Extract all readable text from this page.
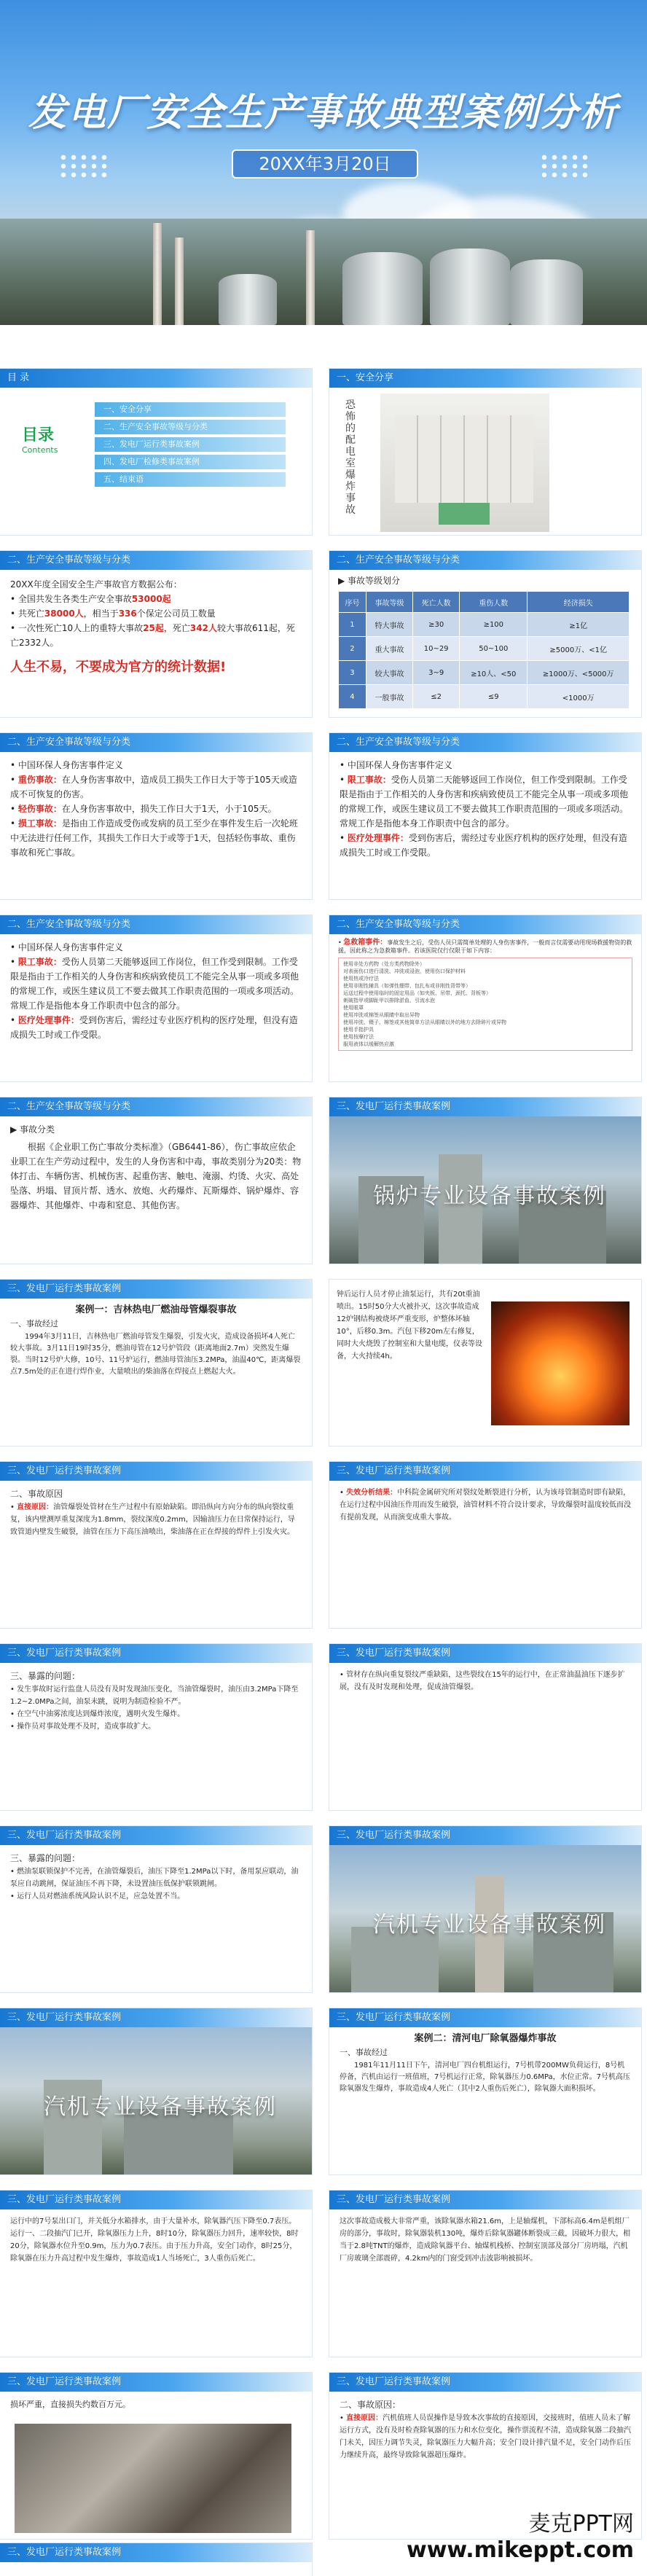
发电厂安全生产事故典型案例分析
20XX年3月20日
目 录
目录
Contents
一、安全分享
二、生产安全事故等级与分类
三、发电厂运行类事故案例
四、发电厂检修类事故案例
五、结束语
一、安全分享
恐怖的配电室爆炸事故
二、生产安全事故等级与分类
20XX年度全国安全生产事故官方数据公布：
• 全国共发生各类生产安全事故53000起
• 共死亡38000人，相当于336个保定公司员工数量
• 一次性死亡10人上的重特大事故25起，死亡342人较大事故611起，死亡2332人。
人生不易，不要成为官方的统计数据!
二、生产安全事故等级与分类
▶ 事故等级划分
序号	事故等级	死亡人数	重伤人数	经济损失
1	特大事故	≥30	≥100	≥1亿
2	重大事故	10~29	50~100	≥5000万、<1亿
3	较大事故	3~9	≥10人、<50	≥1000万、<5000万
4	一般事故	≤2	≤9	<1000万
二、生产安全事故等级与分类
• 中国环保人身伤害事件定义
• 重伤事故：在人身伤害事故中，造成员工损失工作日大于等于105天或造成不可恢复的伤害。
• 轻伤事故：在人身伤害事故中，损失工作日大于1天，小于105天。
• 损工事故：是指由工作造成受伤或发病的员工至少在事件发生后一次轮班中无法进行任何工作，其损失工作日大于或等于1天，包括轻伤事故、重伤事故和死亡事故。
二、生产安全事故等级与分类
• 中国环保人身伤害事件定义
• 限工事故：受伤人员第二天能够返回工作岗位，但工作受到限制。工作受限是指由于工作相关的人身伤害和疾病致使员工不能完全从事一项或多项他的常规工作，或医生建议员工不要去做其工作职责范围的一项或多项活动。常规工作是指他本身工作职责中包含的部分。
• 医疗处理事件：受到伤害后，需经过专业医疗机构的医疗处理，但没有造成损失工时或工作受限。
二、生产安全事故等级与分类
• 中国环保人身伤害事件定义
• 限工事故：受伤人员第二天能够返回工作岗位，但工作受到限制。工作受限是指由于工作相关的人身伤害和疾病致使员工不能完全从事一项或多项他的常规工作，或医生建议员工不要去做其工作职责范围的一项或多项活动。常规工作是指他本身工作职责中包含的部分。
• 医疗处理事件：受到伤害后，需经过专业医疗机构的医疗处理，但没有造成损失工时或工作受限。
二、生产安全事故等级与分类
• 急救箱事件：事故发生之后，受伤人员只需简单处理的人身伤害事件，一般而言仅需要动用现场救援物资的救援，因此称之为急救箱事件。若该医院仅行仅限于如下内容：
使用非处方药物（处方类药物除外）
对表面伤口进行清洗、冲洗或浸泡，使用伤口保护材料
使用热或冷疗法
使用非刚性辅具（如弹性绷带、包扎布或非刚性背带等）
运送过程中使用临时的固定用品（如夹板、吊带、颈托、背板等）
刺破指甲或脚趾甲以排除淤血、引流水泡
使用眼罩
使用冲洗或棉签从眼睛中取出异物
使用冲洗、镊子、棉签或其他简单方法从眼睛以外的地方去除碎片或异物
使用手指护具
使用按摩疗法
服用液体以缓解热应激
二、生产安全事故等级与分类
▶ 事故分类
根据《企业职工伤亡事故分类标准》（GB6441-86），伤亡事故应依企业职工在生产劳动过程中，发生的人身伤害和中毒，事故类别分为20类：物体打击、车辆伤害、机械伤害、起重伤害、触电、淹溺、灼烫、火灾、高处坠落、坍塌、冒顶片帮、透水、放炮、火药爆炸、瓦斯爆炸、锅炉爆炸、容器爆炸、其他爆炸、中毒和窒息、其他伤害。
三、发电厂运行类事故案例
锅炉专业设备事故案例
三、发电厂运行类事故案例
案例一：吉林热电厂燃油母管爆裂事故
一、事故经过
1994年3月11日，吉林热电厂燃油母管发生爆裂，引发火灾，造成设备损坏4人死亡较大事故。3月11日19时35分，燃油母管在12号炉管段（距离地面2.7m）突然发生爆裂。当时12号炉大修，10号、11号炉运行，燃油母管油压3.2MPa，油温40℃，距离爆裂点7.5m处的正在进行焊作业，大量喷出的柴油落在焊接点上燃起大火。
钟后运行人员才停止油泵运行，共有20t重油喷出。15时50分大火被扑灭，这次事故造成12炉钢结构被烧坏严重变形，炉整体坏轴10°，后移0.3m。汽包下移20m左右修复，同时大火烧毁了控制室和大量电缆，仪表等设备，大火持续4h。
三、发电厂运行类事故案例
二、事故原因
• 直接原因：油管爆裂处管材在生产过程中有原始缺陷。即沿纵向方向分布的纵向裂纹重复，该内壁测厚重复深度为1.8mm，裂纹深度0.2mm，因输油压力在日常保持运行，导致管道内壁发生破裂，油管在压力下高压油喷出，柴油落在正在焊接的焊件上引发火灾。
三、发电厂运行类事故案例
• 失效分析结果：中科院金属研究所对裂纹处断裂进行分析，认为该母管制造时即有缺陷，在运行过程中因油压作用而发生破裂，油管材料不符合设计要求，导致爆裂时温度较低而没有提前发现，从而演变成重大事故。
三、发电厂运行类事故案例
三、暴露的问题：
• 发生事故时运行监盘人员没有及时发现油压变化，当油管爆裂时，油压由3.2MPa下降至1.2~2.0MPa之间，油泵未跳，说明为制造检验不严。
• 在空气中油雾浓度达到爆炸浓度，遇明火发生爆炸。
• 操作员对事故处理不及时，造成事故扩大。
三、发电厂运行类事故案例
• 管材存在纵向重复裂纹严重缺陷，这些裂纹在15年的运行中，在正常油温油压下逐步扩展，没有及时发现和处理，促成油管爆裂。
三、发电厂运行类事故案例
三、暴露的问题：
• 燃油泵联锁保护不完善，在油管爆裂后，油压下降至1.2MPa以下时，备用泵应联动，油泵应自动跳闸，保证油压不再下降，未设置油压低保护联锁跳闸。
• 运行人员对燃油系统风险认识不足，应急处置不当。
三、发电厂运行类事故案例
汽机专业设备事故案例
三、发电厂运行类事故案例
汽机专业设备事故案例
三、发电厂运行类事故案例
案例二：清河电厂除氧器爆炸事故
一、事故经过
1981年11月11日下午，清河电厂四台机组运行，7号机带200MW负荷运行，8号机停备，汽机由运行一班值班，7号机运行正常，除氧器压力0.6MPa，水位正常。7号机高压除氧器发生爆炸，事故造成4人死亡（其中2人重伤后死亡），除氧器大面积损坏。
三、发电厂运行类事故案例
运行中的7号泵出口门，并关低分水箱排水，由于大量补水，除氧器汽压下降至0.7表压。运行一、二段抽汽门已开，除氧器压力上升，8时10分，除氧器压力回升，速率较快，8时20分，除氧器水位升至0.9m，压力为0.7表压。由于压力升高，安全门动作，8时25分，除氧器在压力升高过程中发生爆炸，事故造成1人当场死亡，3人重伤后死亡。
三、发电厂运行类事故案例
这次事故造成极大非常严重，该除氧器水箱21.6m，上是轴煤机，下部标高6.4m是机组厂房的部分，事故时，除氧器装机130吨，爆炸后除氧器罐体断裂成三截，因破坏力很大，相当于2.8吨TNT的爆炸，造成除氧器平台、轴煤机栈桥、控制室顶部及部分厂房坍塌，汽机厂房玻璃全部震碎，4.2km内的门窗受到冲击波影响被损坏。
三、发电厂运行类事故案例
损坏严重，直接损失约数百万元。
三、发电厂运行类事故案例
二、事故原因：
• 直接原因：汽机值班人员误操作是导致本次事故的直接原因，交接班时，值班人员未了解运行方式，没有及时检查除氧器的压力和水位变化，操作票流程不清，造成除氧器二段抽汽门未关，因压力调节失灵，除氧器压力大幅升高；安全门设计排汽量不足，安全门动作后压力继续升高，最终导致除氧器超压爆炸。
三、发电厂运行类事故案例
麦克PPT网
www.mikeppt.com
